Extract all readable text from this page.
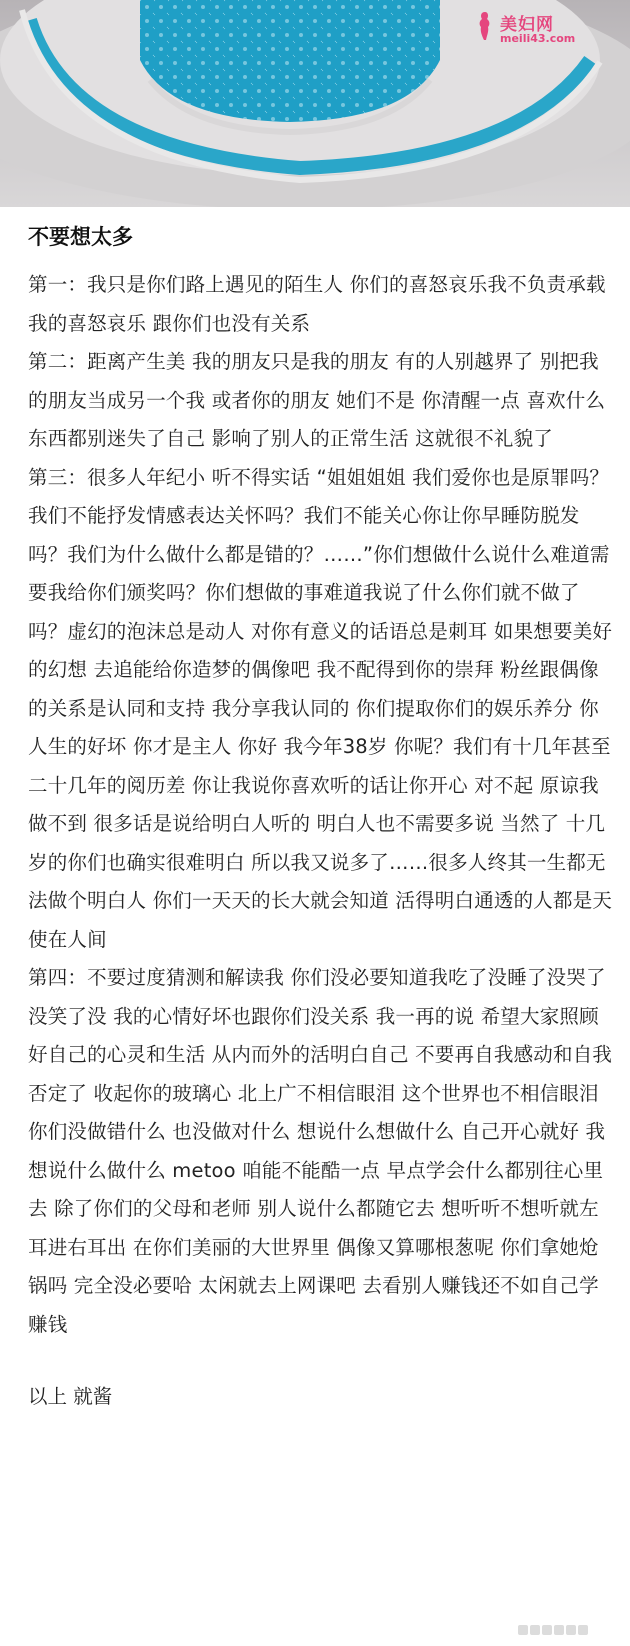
美妇网
meili43.com
不要想太多

第一：我只是你们路上遇见的陌生人 你们的喜怒哀乐我不负责承载 我的喜怒哀乐 跟你们也没有关系

第二：距离产生美 我的朋友只是我的朋友 有的人别越界了 别把我的朋友当成另一个我 或者你的朋友 她们不是 你清醒一点 喜欢什么东西都别迷失了自己 影响了别人的正常生活 这就很不礼貌了

第三：很多人年纪小 听不得实话 “姐姐姐姐 我们爱你也是原罪吗？我们不能抒发情感表达关怀吗？我们不能关心你让你早睡防脱发吗？我们为什么做什么都是错的？……”你们想做什么说什么难道需要我给你们颁奖吗？你们想做的事难道我说了什么你们就不做了吗？虚幻的泡沫总是动人 对你有意义的话语总是刺耳 如果想要美好的幻想 去追能给你造梦的偶像吧 我不配得到你的崇拜 粉丝跟偶像的关系是认同和支持 我分享我认同的 你们提取你们的娱乐养分 你人生的好坏 你才是主人 你好 我今年38岁 你呢？我们有十几年甚至二十几年的阅历差 你让我说你喜欢听的话让你开心 对不起 原谅我做不到 很多话是说给明白人听的 明白人也不需要多说 当然了 十几岁的你们也确实很难明白 所以我又说多了……很多人终其一生都无法做个明白人 你们一天天的长大就会知道 活得明白通透的人都是天使在人间

第四：不要过度猜测和解读我 你们没必要知道我吃了没睡了没哭了没笑了没 我的心情好坏也跟你们没关系 我一再的说 希望大家照顾好自己的心灵和生活 从内而外的活明白自己 不要再自我感动和自我否定了 收起你的玻璃心 北上广不相信眼泪 这个世界也不相信眼泪 你们没做错什么 也没做对什么 想说什么想做什么 自己开心就好 我想说什么做什么 metoo 咱能不能酷一点 早点学会什么都别往心里去 除了你们的父母和老师 别人说什么都随它去 想听听不想听就左耳进右耳出 在你们美丽的大世界里 偶像又算哪根葱呢 你们拿她炝锅吗 完全没必要哈 太闲就去上网课吧 去看别人赚钱还不如自己学赚钱

以上 就酱
